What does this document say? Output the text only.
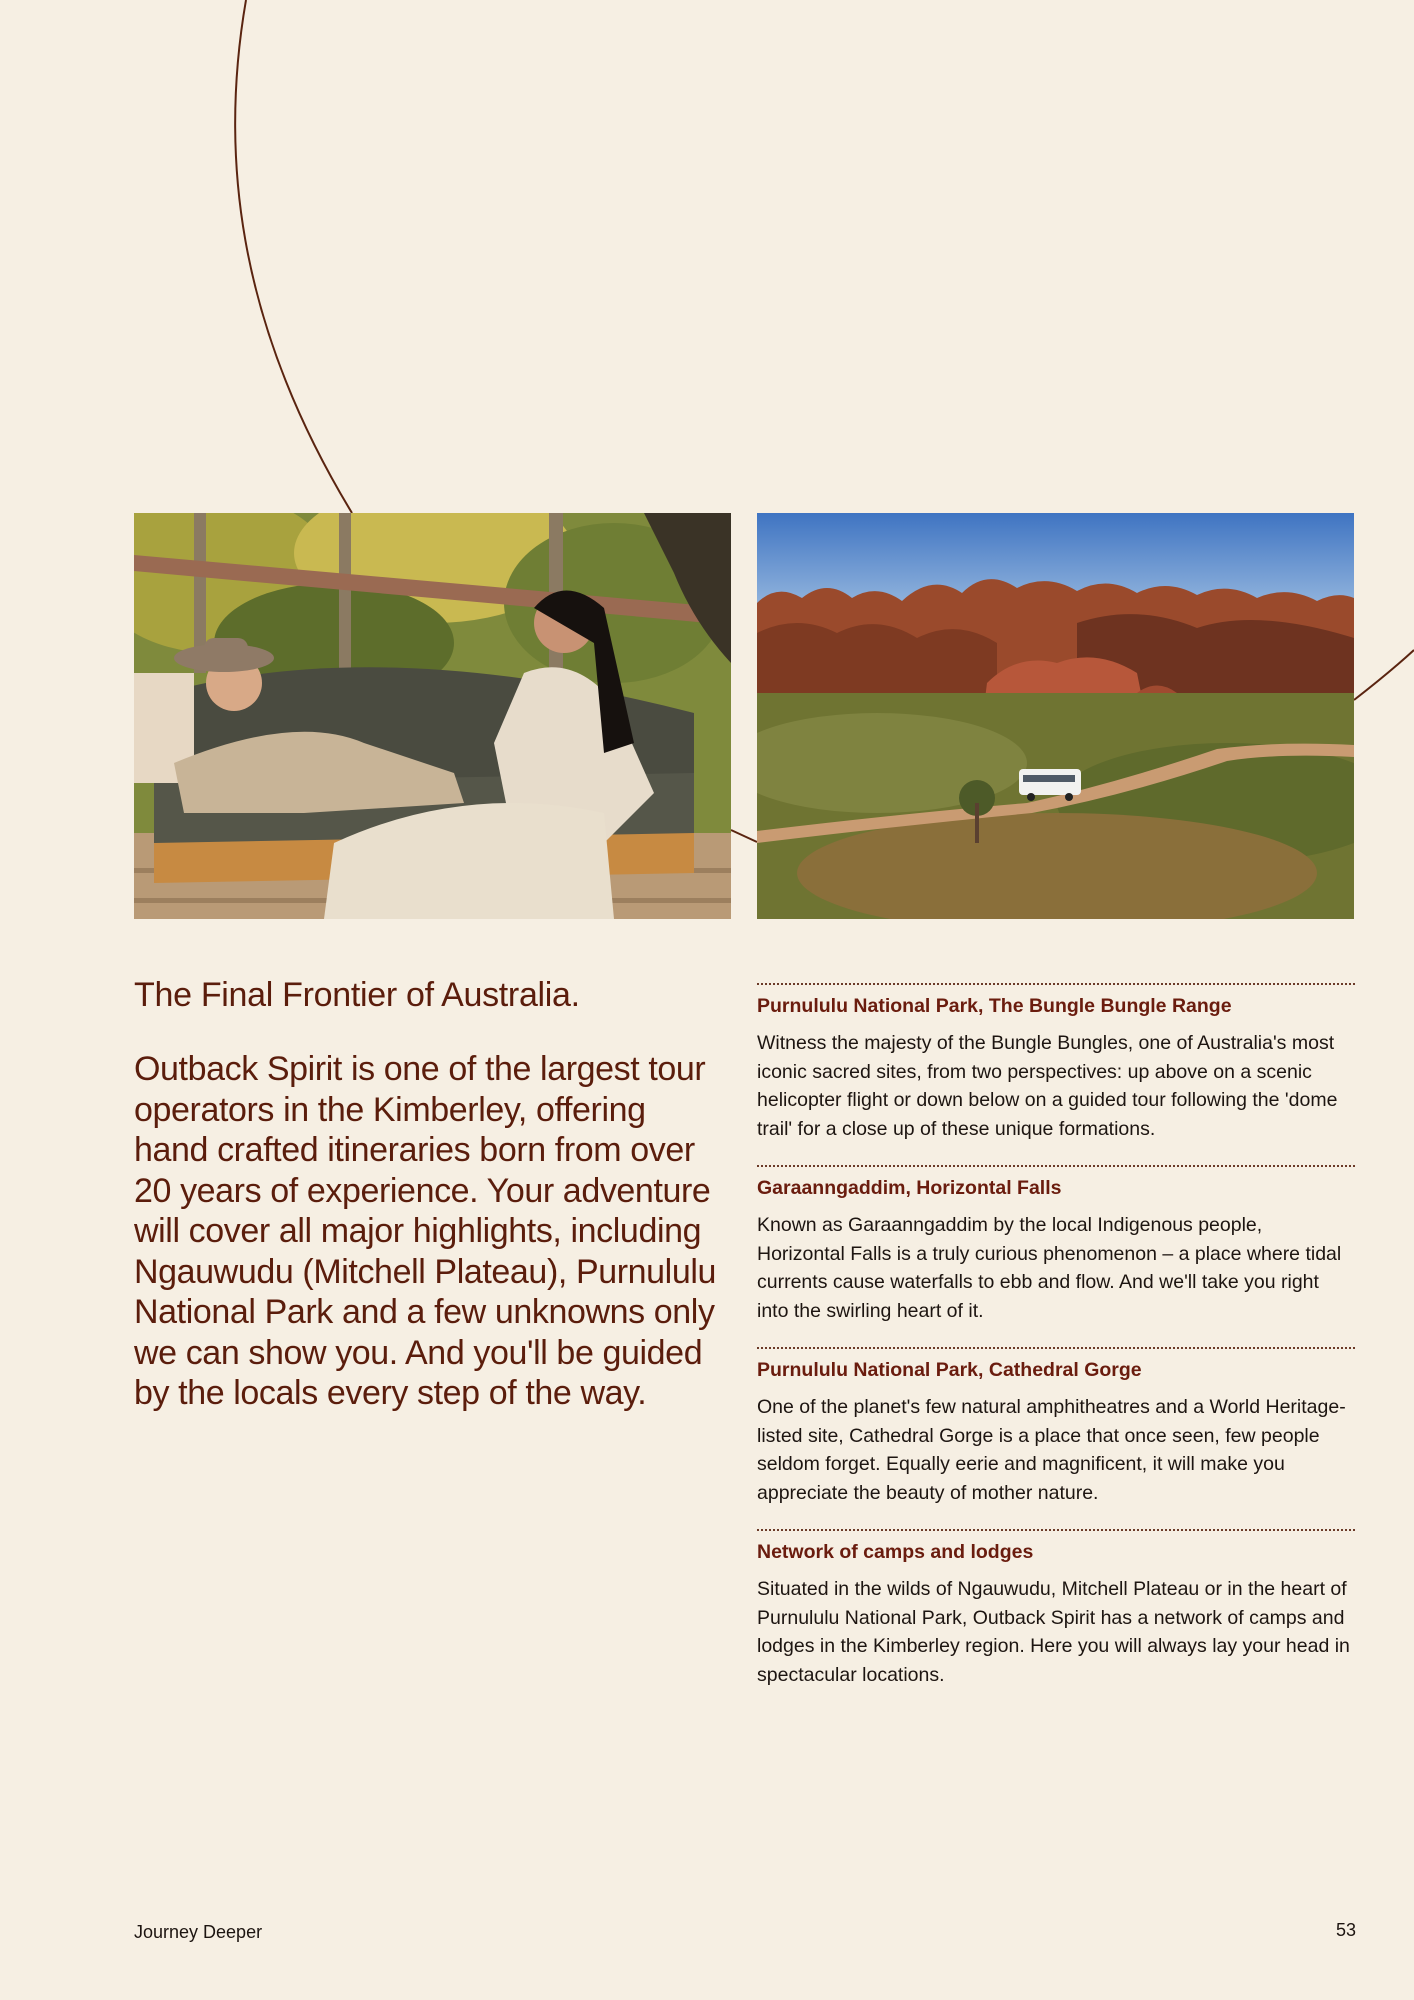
The Final Frontier of Australia.

Outback Spirit is one of the largest tour operators in the Kimberley, offering hand crafted itineraries born from over 20 years of experience. Your adventure will cover all major highlights, including Ngauwudu (Mitchell Plateau), Purnululu National Park and a few unknowns only we can show you. And you'll be guided by the locals every step of the way.

Purnululu National Park, The Bungle Bungle Range

Witness the majesty of the Bungle Bungles, one of Australia's most iconic sacred sites, from two perspectives: up above on a scenic helicopter flight or down below on a guided tour following the 'dome trail' for a close up of these unique formations.

Garaanngaddim, Horizontal Falls

Known as Garaanngaddim by the local Indigenous people, Horizontal Falls is a truly curious phenomenon – a place where tidal currents cause waterfalls to ebb and flow. And we'll take you right into the swirling heart of it.

Purnululu National Park, Cathedral Gorge

One of the planet's few natural amphitheatres and a World Heritage-listed site, Cathedral Gorge is a place that once seen, few people seldom forget. Equally eerie and magnificent, it will make you appreciate the beauty of mother nature.

Network of camps and lodges

Situated in the wilds of Ngauwudu, Mitchell Plateau or in the heart of Purnululu National Park, Outback Spirit has a network of camps and lodges in the Kimberley region. Here you will always lay your head in spectacular locations.

Journey Deeper	53
